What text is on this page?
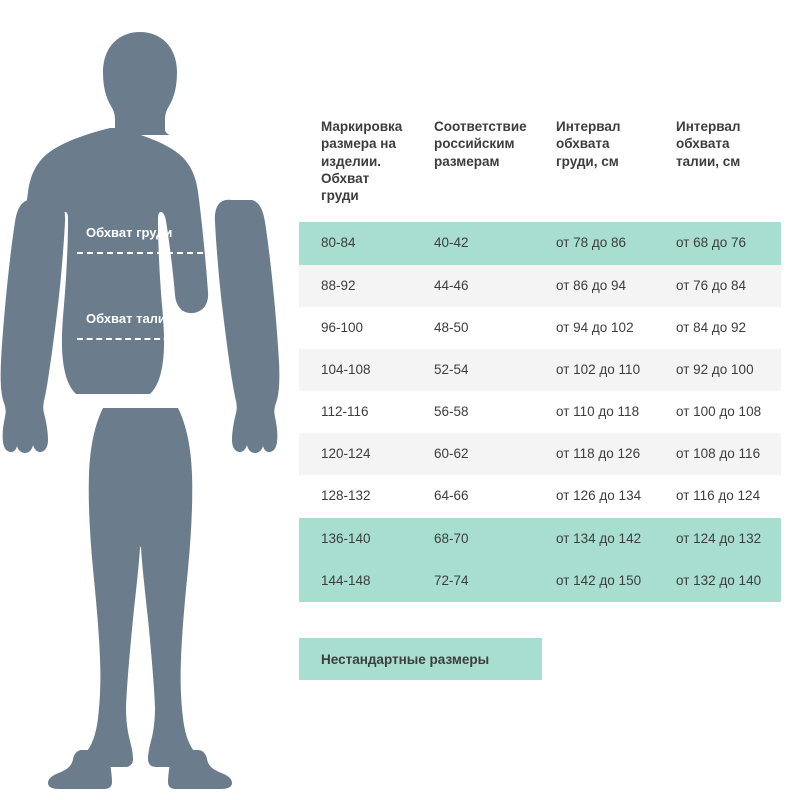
Обхват груди
Обхват талии
Маркировка размера на изделии. Обхват груди	Соответствие российским размерам	Интервал обхвата груди, см	Интервал обхвата талии, см
80-84	40-42	от 78 до 86	от 68 до 76
88-92	44-46	от 86 до 94	от 76 до 84
96-100	48-50	от 94 до 102	от 84 до 92
104-108	52-54	от 102 до 110	от 92 до 100
112-116	56-58	от 110 до 118	от 100 до 108
120-124	60-62	от 118 до 126	от 108 до 116
128-132	64-66	от 126 до 134	от 116 до 124
136-140	68-70	от 134 до 142	от 124 до 132
144-148	72-74	от 142 до 150	от 132 до 140
Нестандартные размеры
